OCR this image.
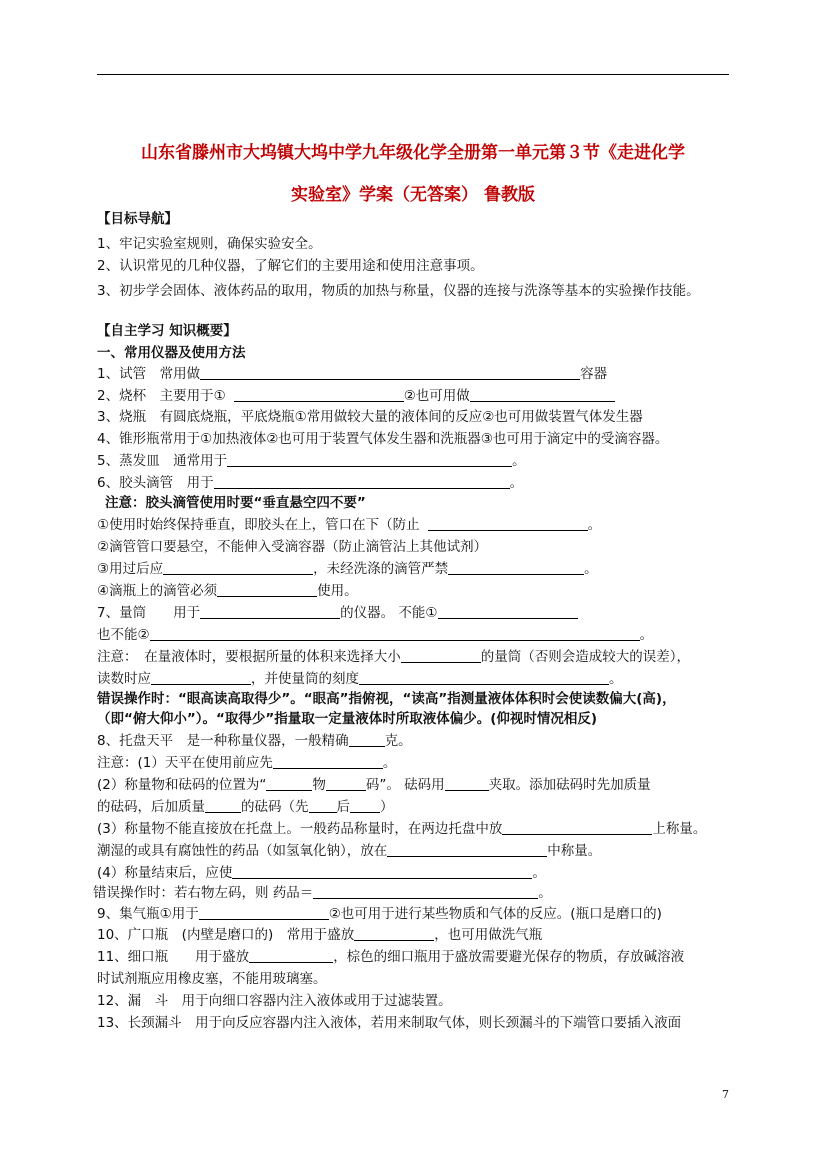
山东省滕州市大坞镇大坞中学九年级化学全册第一单元第３节《走进化学
实验室》学案（无答案） 鲁教版
【目标导航】
1、牢记实验室规则，确保实验安全。
2、认识常见的几种仪器，了解它们的主要用途和使用注意事项。
3、初步学会固体、液体药品的取用，物质的加热与称量，仪器的连接与洗涤等基本的实验操作技能。
【自主学习 知识概要】
一、常用仪器及使用方法
1、试管　常用做	容器
2、烧杯　主要用于①	②也可用做
3、烧瓶　有圆底烧瓶，平底烧瓶①常用做较大量的液体间的反应②也可用做装置气体发生器
4、锥形瓶常用于①加热液体②也可用于装置气体发生器和洗瓶器③也可用于滴定中的受滴容器。
5、蒸发皿　通常用于	。
6、胶头滴管　用于	。
注意：胶头滴管使用时要“垂直悬空四不要”
①使用时始终保持垂直，即胶头在上，管口在下（防止	。
②滴管管口要悬空，不能伸入受滴容器（防止滴管沾上其他试剂）
③用过后应	，未经洗涤的滴管严禁	。
④滴瓶上的滴管必须	使用。
7、量筒　　用于	的仪器。 不能①
也不能②	。
注意：　在量液体时，要根据所量的体积来选择大小	的量筒（否则会造成较大的误差），
读数时应	，并使量筒的刻度	。
错误操作时：“眼高读高取得少”。“眼高”指俯视，“读高”指测量液体体积时会使读数偏大(高)，
（即“俯大仰小”）。“取得少”指量取一定量液体时所取液体偏少。(仰视时情况相反)
8、托盘天平　是一种称量仪器，一般精确	克。
注意：(1）天平在使用前应先	。
(2）称量物和砝码的位置为“	物	码”。 砝码用	夹取。添加砝码时先加质量
的砝码，后加质量	的砝码（先 后 ）
(3）称量物不能直接放在托盘上。一般药品称量时，在两边托盘中放	上称量。
潮湿的或具有腐蚀性的药品（如氢氧化钠），放在	中称量。
(4）称量结束后，应使	。
错误操作时：若右物左码，则 药品＝	。
9、集气瓶①用于	②也可用于进行某些物质和气体的反应。(瓶口是磨口的)
10、广口瓶　(内壁是磨口的)　常用于盛放	，也可用做洗气瓶
11、细口瓶　　用于盛放	，棕色的细口瓶用于盛放需要避光保存的物质，存放碱溶液
时试剂瓶应用橡皮塞，不能用玻璃塞。
12、漏　斗　用于向细口容器内注入液体或用于过滤装置。
13、长颈漏斗　用于向反应容器内注入液体，若用来制取气体，则长颈漏斗的下端管口要插入液面
7
